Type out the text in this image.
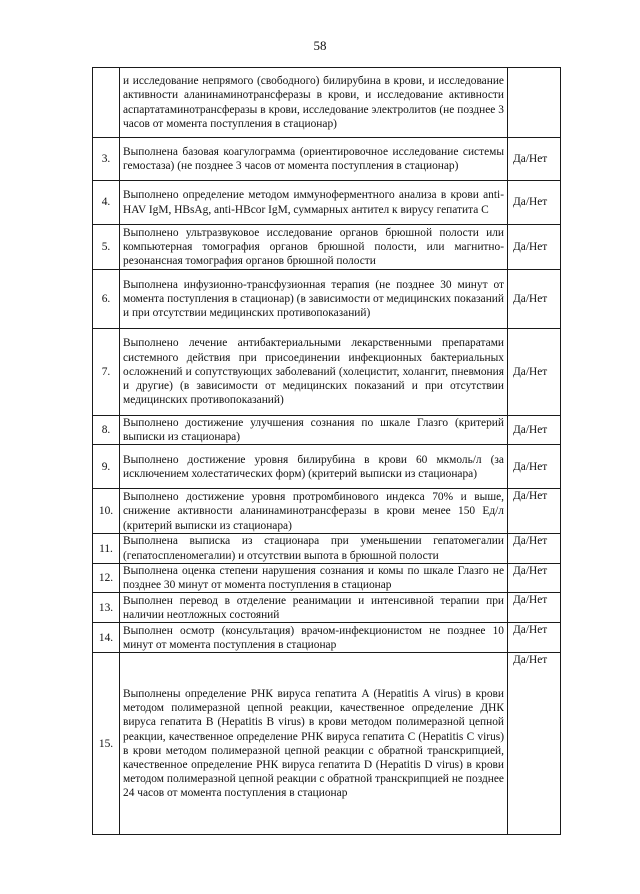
58
	и исследование непрямого (свободного) билирубина в крови, и исследование активности аланинаминотрансферазы в крови, и исследование активности аспартатаминотрансферазы в крови, исследование электролитов (не позднее 3 часов от момента поступления в стационар)	
3.	Выполнена базовая коагулограмма (ориентировочное исследование системы гемостаза) (не позднее 3 часов от момента поступления в стационар)	Да/Нет
4.	Выполнено определение методом иммуноферментного анализа в крови anti-HAV IgM, HBsAg, anti-HBcor IgM, суммарных антител к вирусу гепатита С	Да/Нет
5.	Выполнено ультразвуковое исследование органов брюшной полости или компьютерная томография органов брюшной полости, или магнитно-резонансная томография органов брюшной полости	Да/Нет
6.	Выполнена инфузионно-трансфузионная терапия (не позднее 30 минут от момента поступления в стационар) (в зависимости от медицинских показаний и при отсутствии медицинских противопоказаний)	Да/Нет
7.	Выполнено лечение антибактериальными лекарственными препаратами системного действия при присоединении инфекционных бактериальных осложнений и сопутствующих заболеваний (холецистит, холангит, пневмония и другие) (в зависимости от медицинских показаний и при отсутствии медицинских противопоказаний)	Да/Нет
8.	Выполнено достижение улучшения сознания по шкале Глазго (критерий выписки из стационара)	Да/Нет
9.	Выполнено достижение уровня билирубина в крови 60 мкмоль/л (за исключением холестатических форм) (критерий выписки из стационара)	Да/Нет
10.	Выполнено достижение уровня протромбинового индекса 70% и выше, снижение активности аланинаминотрансферазы в крови менее 150 Ед/л (критерий выписки из стационара)	Да/Нет
11.	Выполнена выписка из стационара при уменьшении гепатомегалии (гепатоспленомегалии) и отсутствии выпота в брюшной полости	Да/Нет
12.	Выполнена оценка степени нарушения сознания и комы по шкале Глазго не позднее 30 минут от момента поступления в стационар	Да/Нет
13.	Выполнен перевод в отделение реанимации и интенсивной терапии при наличии неотложных состояний	Да/Нет
14.	Выполнен осмотр (консультация) врачом-инфекционистом не позднее 10 минут от момента поступления в стационар	Да/Нет
15.	Выполнены определение РНК вируса гепатита A (Hepatitis A virus) в крови методом полимеразной цепной реакции, качественное определение ДНК вируса гепатита B (Hepatitis B virus) в крови методом полимеразной цепной реакции, качественное определение РНК вируса гепатита C (Hepatitis C virus) в крови методом полимеразной цепной реакции с обратной транскрипцией, качественное определение РНК вируса гепатита D (Hepatitis D virus) в крови методом полимеразной цепной реакции с обратной транскрипцией не позднее 24 часов от момента поступления в стационар	Да/Нет
